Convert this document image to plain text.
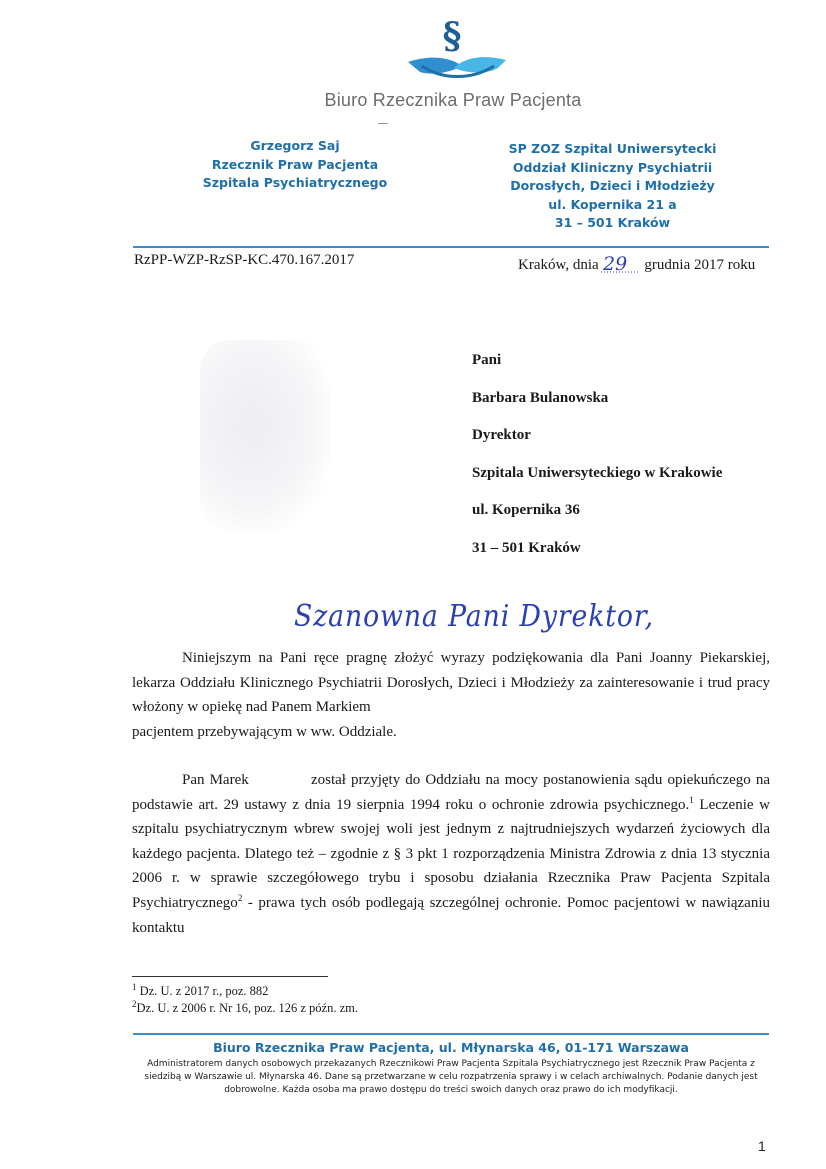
§
Biuro Rzecznika Praw Pacjenta
Grzegorz Saj
Rzecznik Praw Pacjenta
Szpitala Psychiatrycznego
SP ZOZ Szpital Uniwersytecki
Oddział Kliniczny Psychiatrii
Dorosłych, Dzieci i Młodzieży
ul. Kopernika 21 a
31 – 501 Kraków
RzPP-WZP-RzSP-KC.470.167.2017	Kraków, dnia 29 grudnia 2017 roku
Pani
Barbara Bulanowska
Dyrektor
Szpitala Uniwersyteckiego w Krakowie
ul. Kopernika 36
31 – 501 Kraków
Szanowna Pani Dyrektor,
Niniejszym na Pani ręce pragnę złożyć wyrazy podziękowania dla Pani Joanny Piekarskiej, lekarza Oddziału Klinicznego Psychiatrii Dorosłych, Dzieci i Młodzieży za zainteresowanie i trud pracy włożony w opiekę nad Panem Markiem
pacjentem przebywającym w ww. Oddziale.
Pan Marek	został przyjęty do Oddziału na mocy postanowienia sądu opiekuńczego na podstawie art. 29 ustawy z dnia 19 sierpnia 1994 roku o ochronie zdrowia psychicznego.$^1$ Leczenie w szpitalu psychiatrycznym wbrew swojej woli jest jednym z najtrudniejszych wydarzeń życiowych dla każdego pacjenta. Dlatego też – zgodnie z § 3 pkt 1 rozporządzenia Ministra Zdrowia z dnia 13 stycznia 2006 r. w sprawie szczegółowego trybu i sposobu działania Rzecznika Praw Pacjenta Szpitala Psychiatrycznego$^2$ - prawa tych osób podlegają szczególnej ochronie. Pomoc pacjentowi w nawiązaniu kontaktu
$^1$ Dz. U. z 2017 r., poz. 882
$^2$Dz. U. z 2006 r. Nr 16, poz. 126 z późn. zm.
Biuro Rzecznika Praw Pacjenta, ul. Młynarska 46, 01-171 Warszawa
Administratorem danych osobowych przekazanych Rzecznikowi Praw Pacjenta Szpitala Psychiatrycznego jest Rzecznik Praw Pacjenta z siedzibą w Warszawie ul. Młynarska 46. Dane są przetwarzane w celu rozpatrzenia sprawy i w celach archiwalnych. Podanie danych jest dobrowolne. Każda osoba ma prawo dostępu do treści swoich danych oraz prawo do ich modyfikacji.
1
